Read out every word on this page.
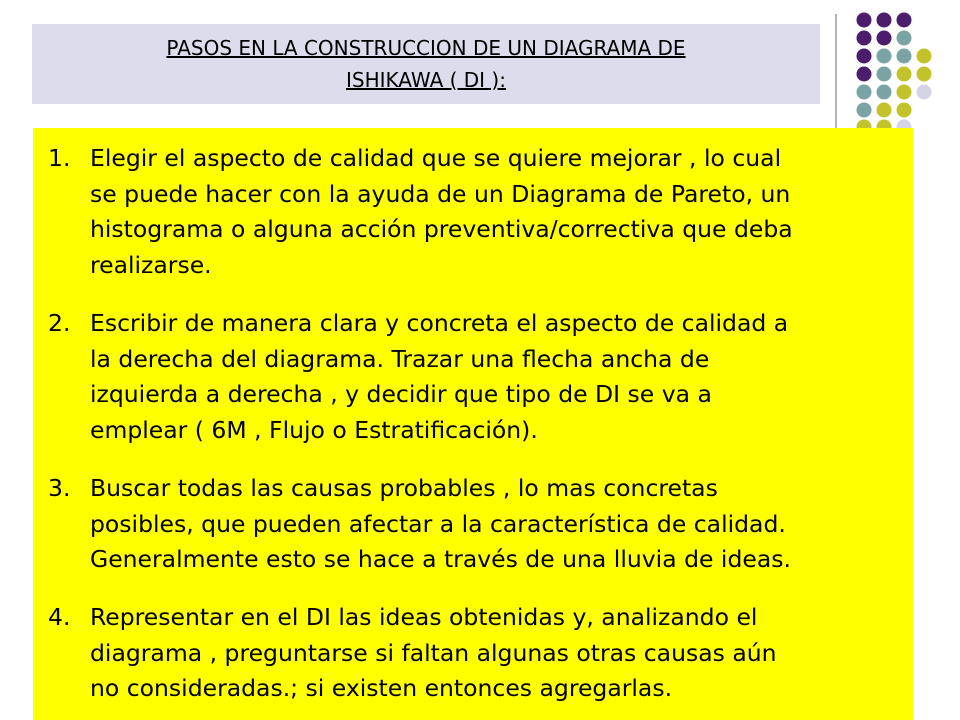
PASOS EN LA CONSTRUCCION DE UN DIAGRAMA DE
ISHIKAWA ( DI ):
1. Elegir el aspecto de calidad que se quiere mejorar , lo cual
se puede hacer con la ayuda de un Diagrama de Pareto, un
histograma o alguna acción preventiva/correctiva que deba
realizarse.
2. Escribir de manera clara y concreta el aspecto de calidad a
la derecha del diagrama. Trazar una flecha ancha de
izquierda a derecha , y decidir que tipo de DI se va a
emplear ( 6M , Flujo o Estratificación).
3. Buscar todas las causas probables , lo mas concretas
posibles, que pueden afectar a la característica de calidad.
Generalmente esto se hace a través de una lluvia de ideas.
4. Representar en el DI las ideas obtenidas y, analizando el
diagrama , preguntarse si faltan algunas otras causas aún
no consideradas.; si existen entonces agregarlas.
